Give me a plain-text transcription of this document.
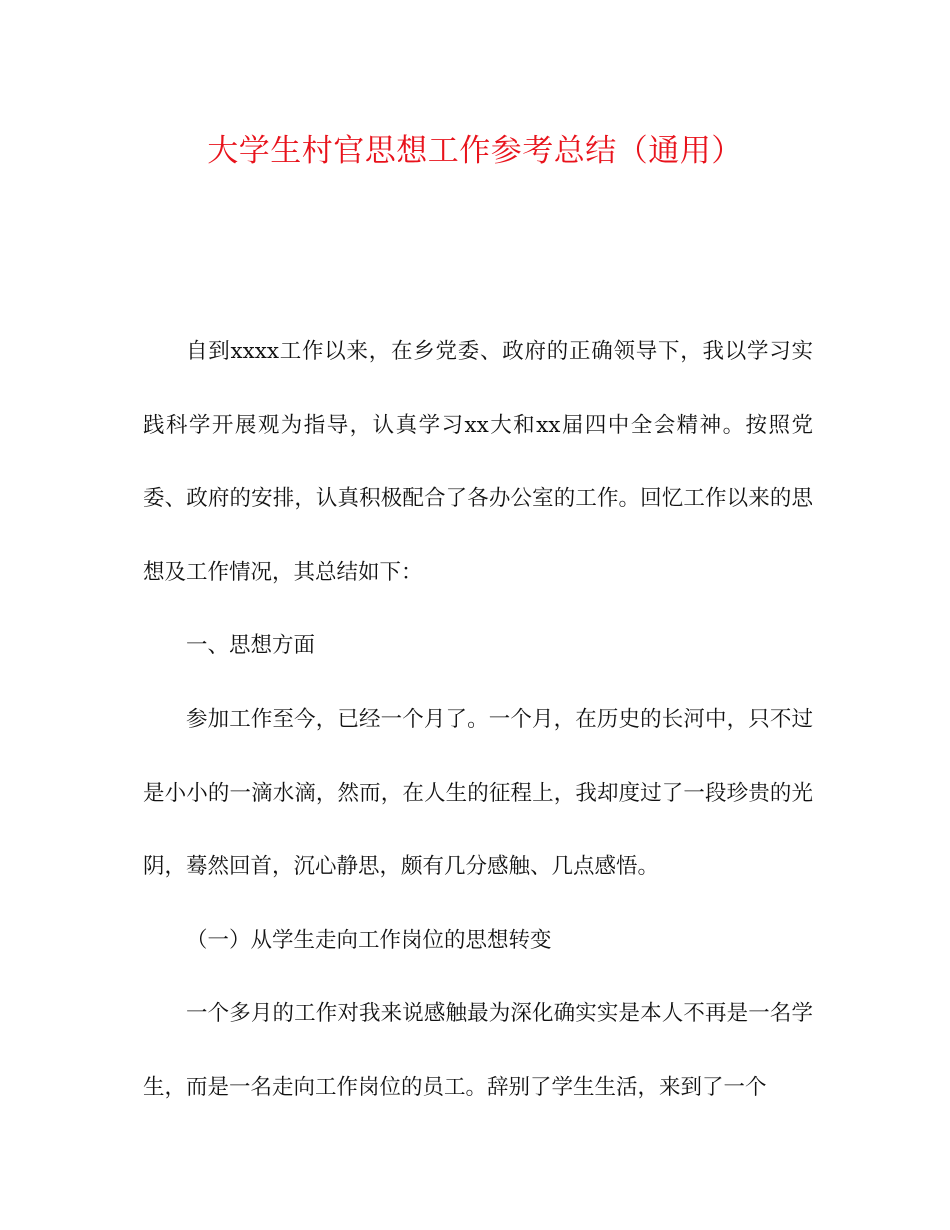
大学生村官思想工作参考总结（通用）

自到xxxx工作以来，在乡党委、政府的正确领导下，我以学习实践科学开展观为指导，认真学习xx大和xx届四中全会精神。按照党委、政府的安排，认真积极配合了各办公室的工作。回忆工作以来的思想及工作情况，其总结如下：

一、思想方面

参加工作至今，已经一个月了。一个月，在历史的长河中，只不过是小小的一滴水滴，然而，在人生的征程上，我却度过了一段珍贵的光阴，蓦然回首，沉心静思，颇有几分感触、几点感悟。

（一）从学生走向工作岗位的思想转变

一个多月的工作对我来说感触最为深化确实实是本人不再是一名学生，而是一名走向工作岗位的员工。辞别了学生生活，来到了一个
